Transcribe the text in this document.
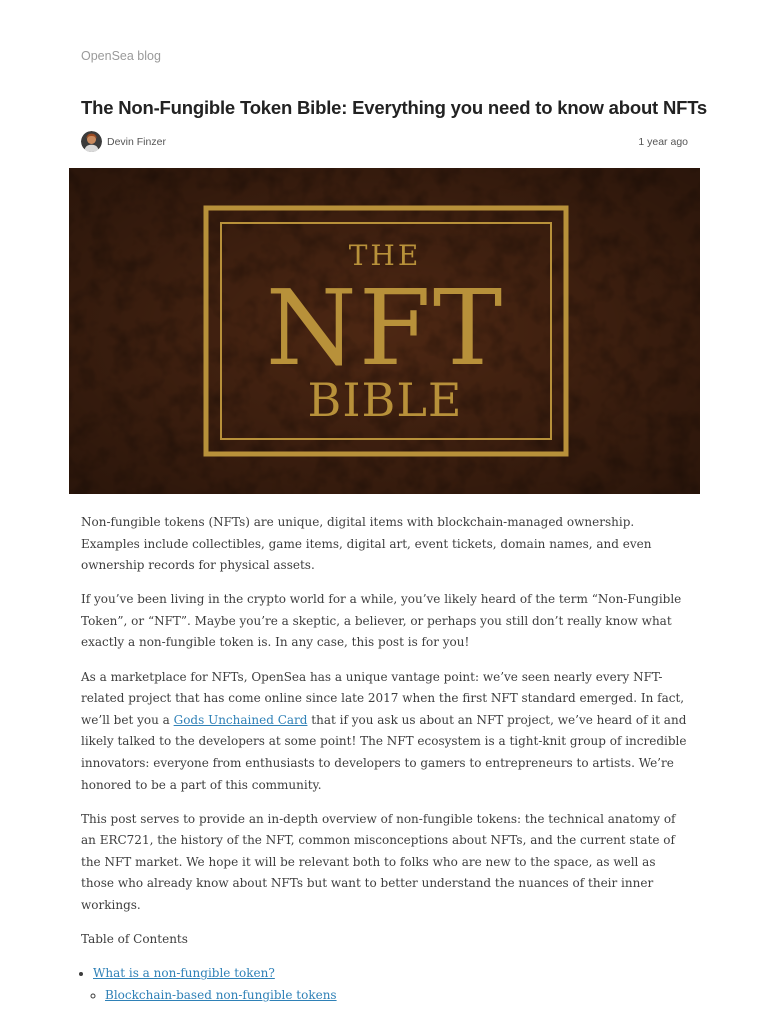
OpenSea blog
The Non-Fungible Token Bible: Everything you need to know about NFTs
Devin Finzer	1 year ago
THE
NFT
BIBLE

Non-fungible tokens (NFTs) are unique, digital items with blockchain-managed ownership. Examples include collectibles, game items, digital art, event tickets, domain names, and even ownership records for physical assets.

If you’ve been living in the crypto world for a while, you’ve likely heard of the term “Non-Fungible Token”, or “NFT”. Maybe you’re a skeptic, a believer, or perhaps you still don’t really know what exactly a non-fungible token is. In any case, this post is for you!

As a marketplace for NFTs, OpenSea has a unique vantage point: we’ve seen nearly every NFT-related project that has come online since late 2017 when the first NFT standard emerged. In fact, we’ll bet you a Gods Unchained Card that if you ask us about an NFT project, we’ve heard of it and likely talked to the developers at some point! The NFT ecosystem is a tight-knit group of incredible innovators: everyone from enthusiasts to developers to gamers to entrepreneurs to artists. We’re honored to be a part of this community.

This post serves to provide an in-depth overview of non-fungible tokens: the technical anatomy of an ERC721, the history of the NFT, common misconceptions about NFTs, and the current state of the NFT market. We hope it will be relevant both to folks who are new to the space, as well as those who already know about NFTs but want to better understand the nuances of their inner workings.

Table of Contents

• What is a non-fungible token?
◦ Blockchain-based non-fungible tokens
